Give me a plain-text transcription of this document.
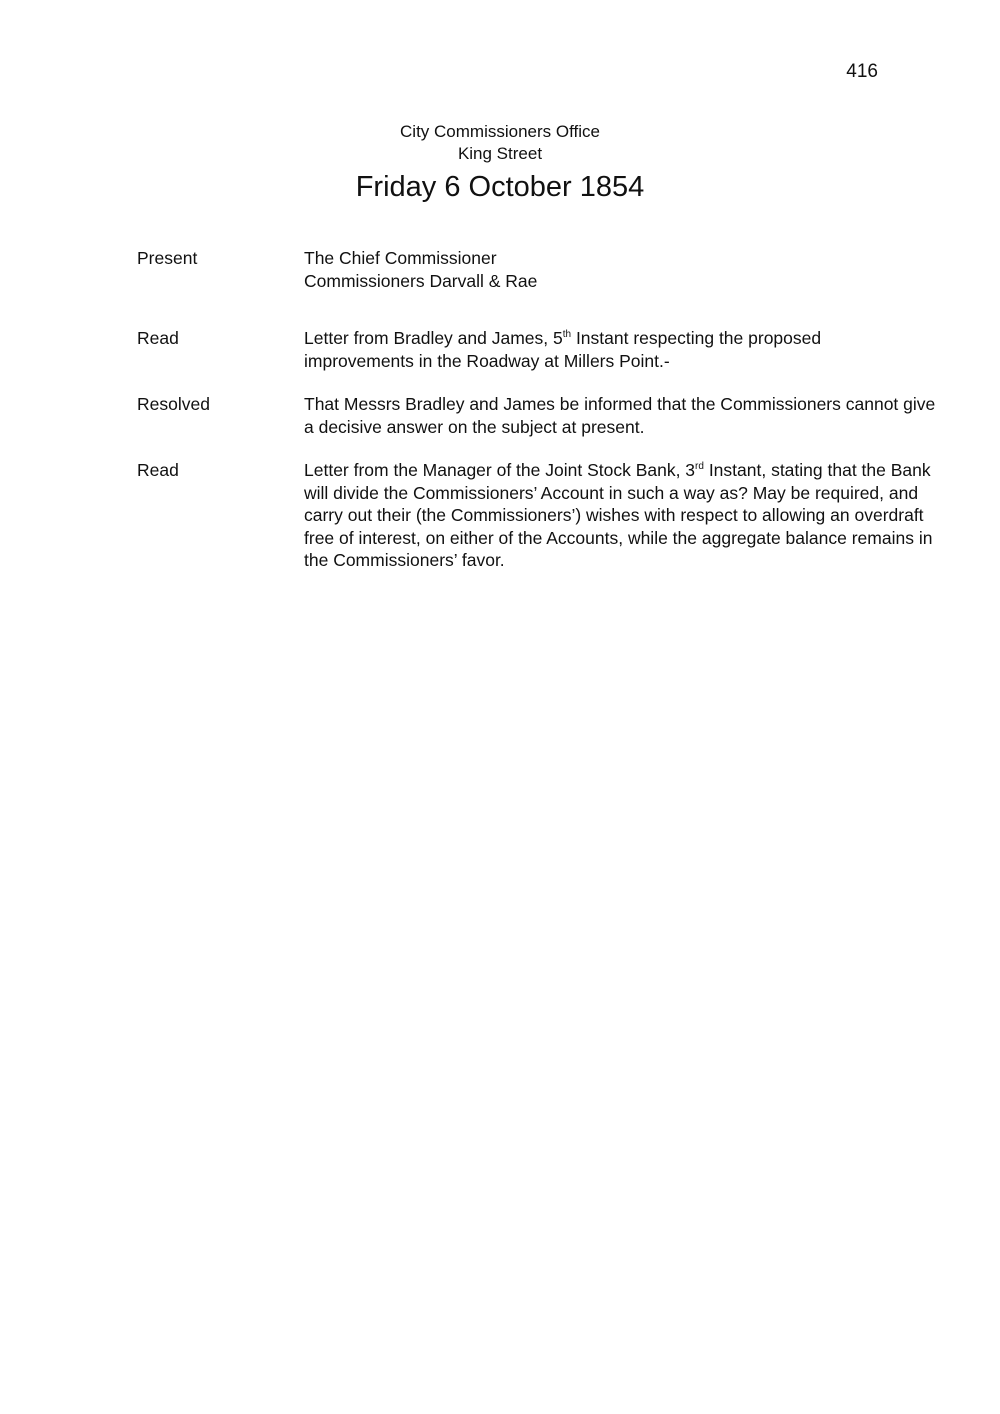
416
City Commissioners Office
King Street
Friday 6 October 1854
Present	The Chief Commissioner

Commissioners Darvall & Rae

Read	Letter from Bradley and James, 5th Instant respecting the proposed

improvements in the Roadway at Millers Point.-

Resolved	That Messrs Bradley and James be informed that the Commissioners cannot give a decisive answer on the subject at present.

Read	Letter from the Manager of the Joint Stock Bank, 3rd Instant, stating that the Bank will divide the Commissioners’ Account in such a way as? May be required, and carry out their (the Commissioners’) wishes with respect to allowing an overdraft free of interest, on either of the Accounts, while the aggregate balance remains in the Commissioners’ favor.
